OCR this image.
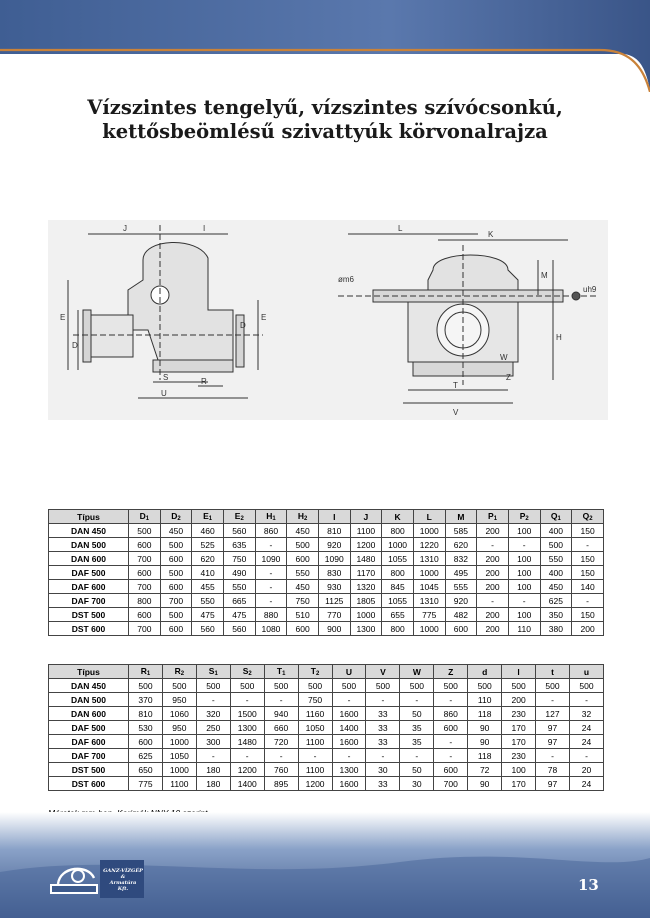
Vízszintes tengelyű, vízszintes szívócsonkú,
kettősbeömlésű szivattyúk körvonalrajza
J	I
E
D
D
E
S	R
U
L
K
øm6	M
uh9
H
W
T
Z
V
Típus	$D_1$	$D_2$	$E_1$	$E_2$	$H_1$	$H_2$	I	J	K	L	M	$P_1$	$P_2$	$Q_1$	$Q_2$
DAN 450	500	450	460	560	860	450	810	1100	800	1000	585	200	100	400	150
DAN 500	600	500	525	635	-	500	920	1200	1000	1220	620	-	-	500	-
DAN 600	700	600	620	750	1090	600	1090	1480	1055	1310	832	200	100	550	150
DAF 500	600	500	410	490	-	550	830	1170	800	1000	495	200	100	400	150
DAF 600	700	600	455	550	-	450	930	1320	845	1045	555	200	100	450	140
DAF 700	800	700	550	665	-	750	1125	1805	1055	1310	920	-	-	625	-
DST 500	600	500	475	475	880	510	770	1000	655	775	482	200	100	350	150
DST 600	700	600	560	560	1080	600	900	1300	800	1000	600	200	110	380	200
Típus	$R_1$	$R_2$	$S_1$	$S_2$	$T_1$	$T_2$	U	V	W	Z	d	l	t	u
DAN 450	500	500	500	500	500	500	500	500	500	500	500	500	500	500
DAN 500	370	950	-	-	-	750	-	-	-	-	110	200	-	-
DAN 600	810	1060	320	1500	940	1160	1600	33	50	860	118	230	127	32
DAF 500	530	950	250	1300	660	1050	1400	33	35	600	90	170	97	24
DAF 600	600	1000	300	1480	720	1100	1600	33	35	-	90	170	97	24
DAF 700	625	1050	-	-	-	-	-	-	-	-	118	230	-	-
DST 500	650	1000	180	1200	760	1100	1300	30	50	600	72	100	78	20
DST 600	775	1100	180	1400	895	1200	1600	33	30	700	90	170	97	24
GANZ-VÍZGÉP
&
Armatúra
Kft.	13
